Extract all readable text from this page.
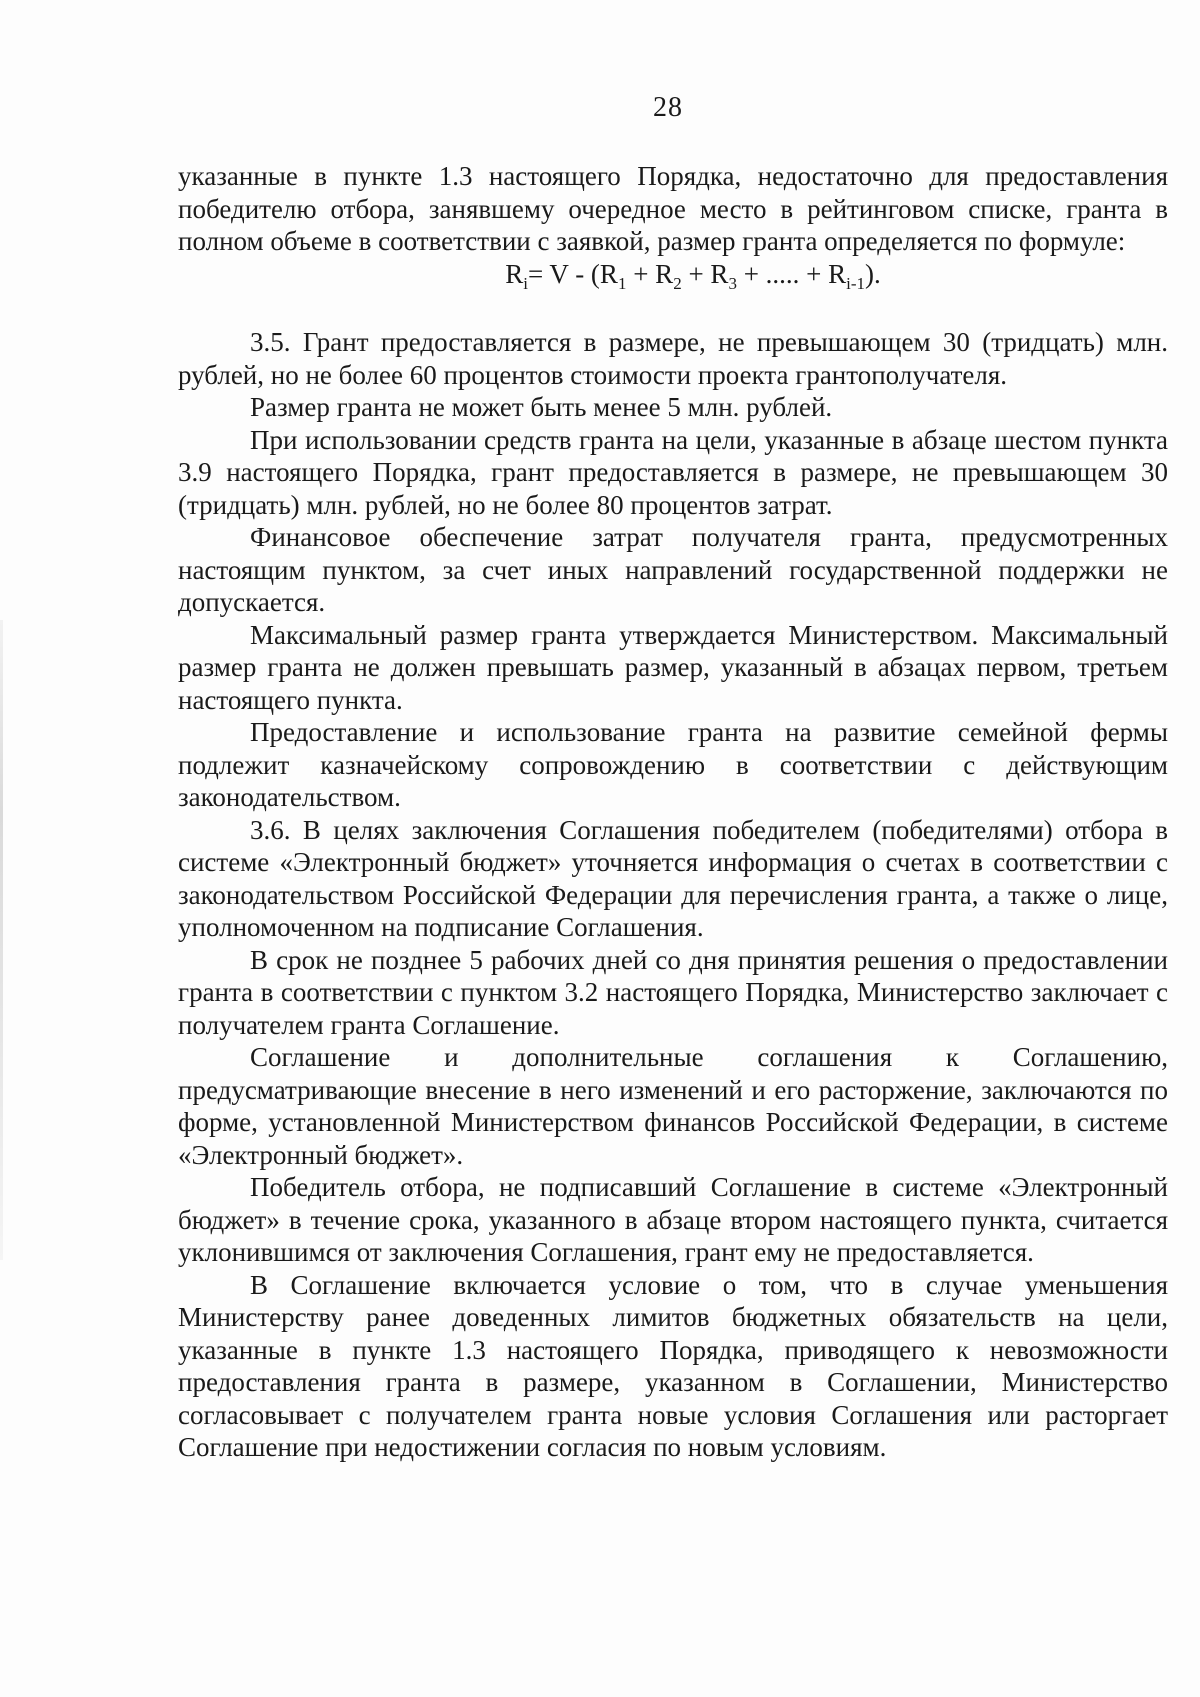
28

указанные в пункте 1.3 настоящего Порядка, недостаточно для предоставления победителю отбора, занявшему очередное место в рейтинговом списке, гранта в полном объеме в соответствии с заявкой, размер гранта определяется по формуле:

$R_i= V - (R_1 + R_2 + R_3$ + ..... + $R_{i-1}$).

3.5. Грант предоставляется в размере, не превышающем 30 (тридцать) млн. рублей, но не более 60 процентов стоимости проекта грантополучателя.

Размер гранта не может быть менее 5 млн. рублей.

При использовании средств гранта на цели, указанные в абзаце шестом пункта 3.9 настоящего Порядка, грант предоставляется в размере, не превышающем 30 (тридцать) млн. рублей, но не более 80 процентов затрат.

Финансовое обеспечение затрат получателя гранта, предусмотренных настоящим пунктом, за счет иных направлений государственной поддержки не допускается.

Максимальный размер гранта утверждается Министерством. Максимальный размер гранта не должен превышать размер, указанный в абзацах первом, третьем настоящего пункта.

Предоставление и использование гранта на развитие семейной фермы подлежит казначейскому сопровождению в соответствии с действующим законодательством.

3.6. В целях заключения Соглашения победителем (победителями) отбора в системе «Электронный бюджет» уточняется информация о счетах в соответствии с законодательством Российской Федерации для перечисления гранта, а также о лице, уполномоченном на подписание Соглашения.

В срок не позднее 5 рабочих дней со дня принятия решения о предоставлении гранта в соответствии с пунктом 3.2 настоящего Порядка, Министерство заключает с получателем гранта Соглашение.

Соглашение и дополнительные соглашения к Соглашению, предусматривающие внесение в него изменений и его расторжение, заключаются по форме, установленной Министерством финансов Российской Федерации, в системе «Электронный бюджет».

Победитель отбора, не подписавший Соглашение в системе «Электронный бюджет» в течение срока, указанного в абзаце втором настоящего пункта, считается уклонившимся от заключения Соглашения, грант ему не предоставляется.

В Соглашение включается условие о том, что в случае уменьшения Министерству ранее доведенных лимитов бюджетных обязательств на цели, указанные в пункте 1.3 настоящего Порядка, приводящего к невозможности предоставления гранта в размере, указанном в Соглашении, Министерство согласовывает с получателем гранта новые условия Соглашения или расторгает Соглашение при недостижении согласия по новым условиям.
